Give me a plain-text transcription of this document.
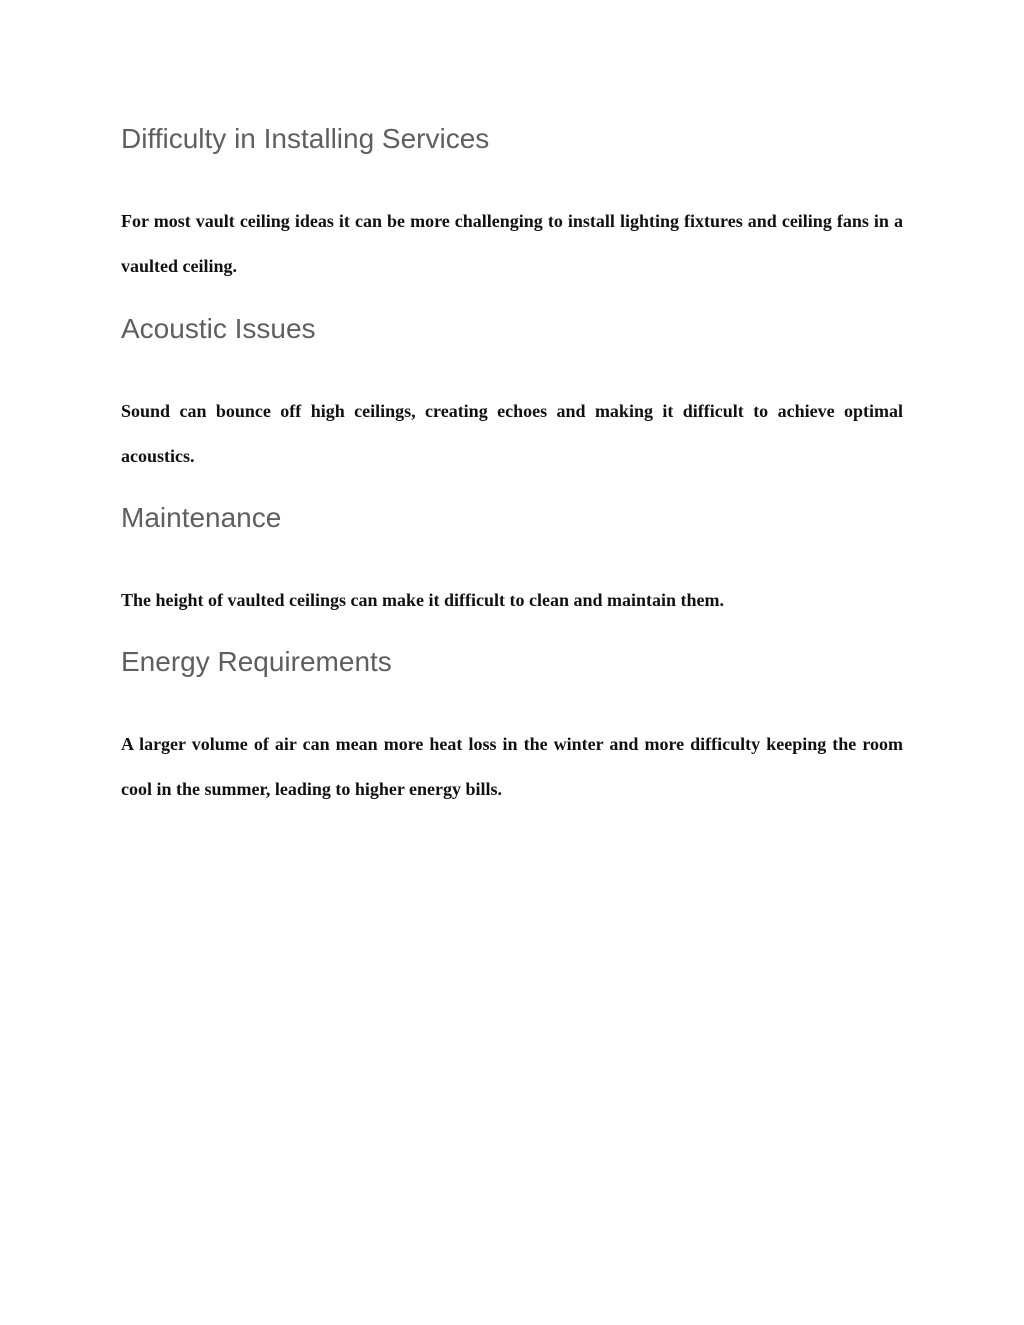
Difficulty in Installing Services

For most vault ceiling ideas it can be more challenging to install lighting fixtures and ceiling fans in a vaulted ceiling.

Acoustic Issues

Sound can bounce off high ceilings, creating echoes and making it difficult to achieve optimal acoustics.

Maintenance

The height of vaulted ceilings can make it difficult to clean and maintain them.

Energy Requirements

A larger volume of air can mean more heat loss in the winter and more difficulty keeping the room cool in the summer, leading to higher energy bills.
